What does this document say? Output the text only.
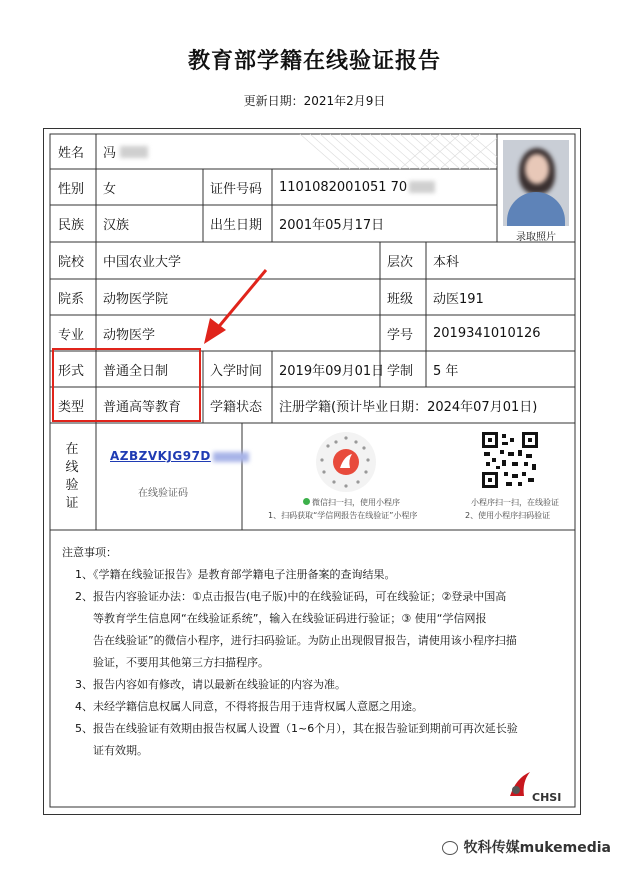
教育部学籍在线验证报告
更新日期：2021年2月9日
姓名	冯
性别	女	证件号码	1101082001051 70
民族	汉族	出生日期	2001年05月17日
录取照片
院校	中国农业大学	层次	本科
院系	动物医学院	班级	动医191
专业	动物医学	学号	2019341010126
形式	普通全日制	入学时间	2019年09月01日 学制	5 年
类型	普通高等教育	学籍状态	注册学籍(预计毕业日期：2024年07月01日)
在
线
验
证
AZBZVKJG97D
在线验证码
微信扫一扫，使用小程序
1、扫码获取“学信网报告在线验证”小程序
小程序扫一扫，在线验证
2、使用小程序扫码验证
注意事项：
1、《学籍在线验证报告》是教育部学籍电子注册备案的查询结果。
2、报告内容验证办法：①点击报告(电子版)中的在线验证码，可在线验证；②登录中国高
等教育学生信息网“在线验证系统”，输入在线验证码进行验证；③ 使用“学信网报
告在线验证”的微信小程序，进行扫码验证。为防止出现假冒报告，请使用该小程序扫描
验证，不要用其他第三方扫描程序。
3、报告内容如有修改，请以最新在线验证的内容为准。
4、未经学籍信息权属人同意，不得将报告用于违背权属人意愿之用途。
5、报告在线验证有效期由报告权属人设置（1~6个月），其在报告验证到期前可再次延长验
证有效期。
CHSI
牧科传媒mukemedia
